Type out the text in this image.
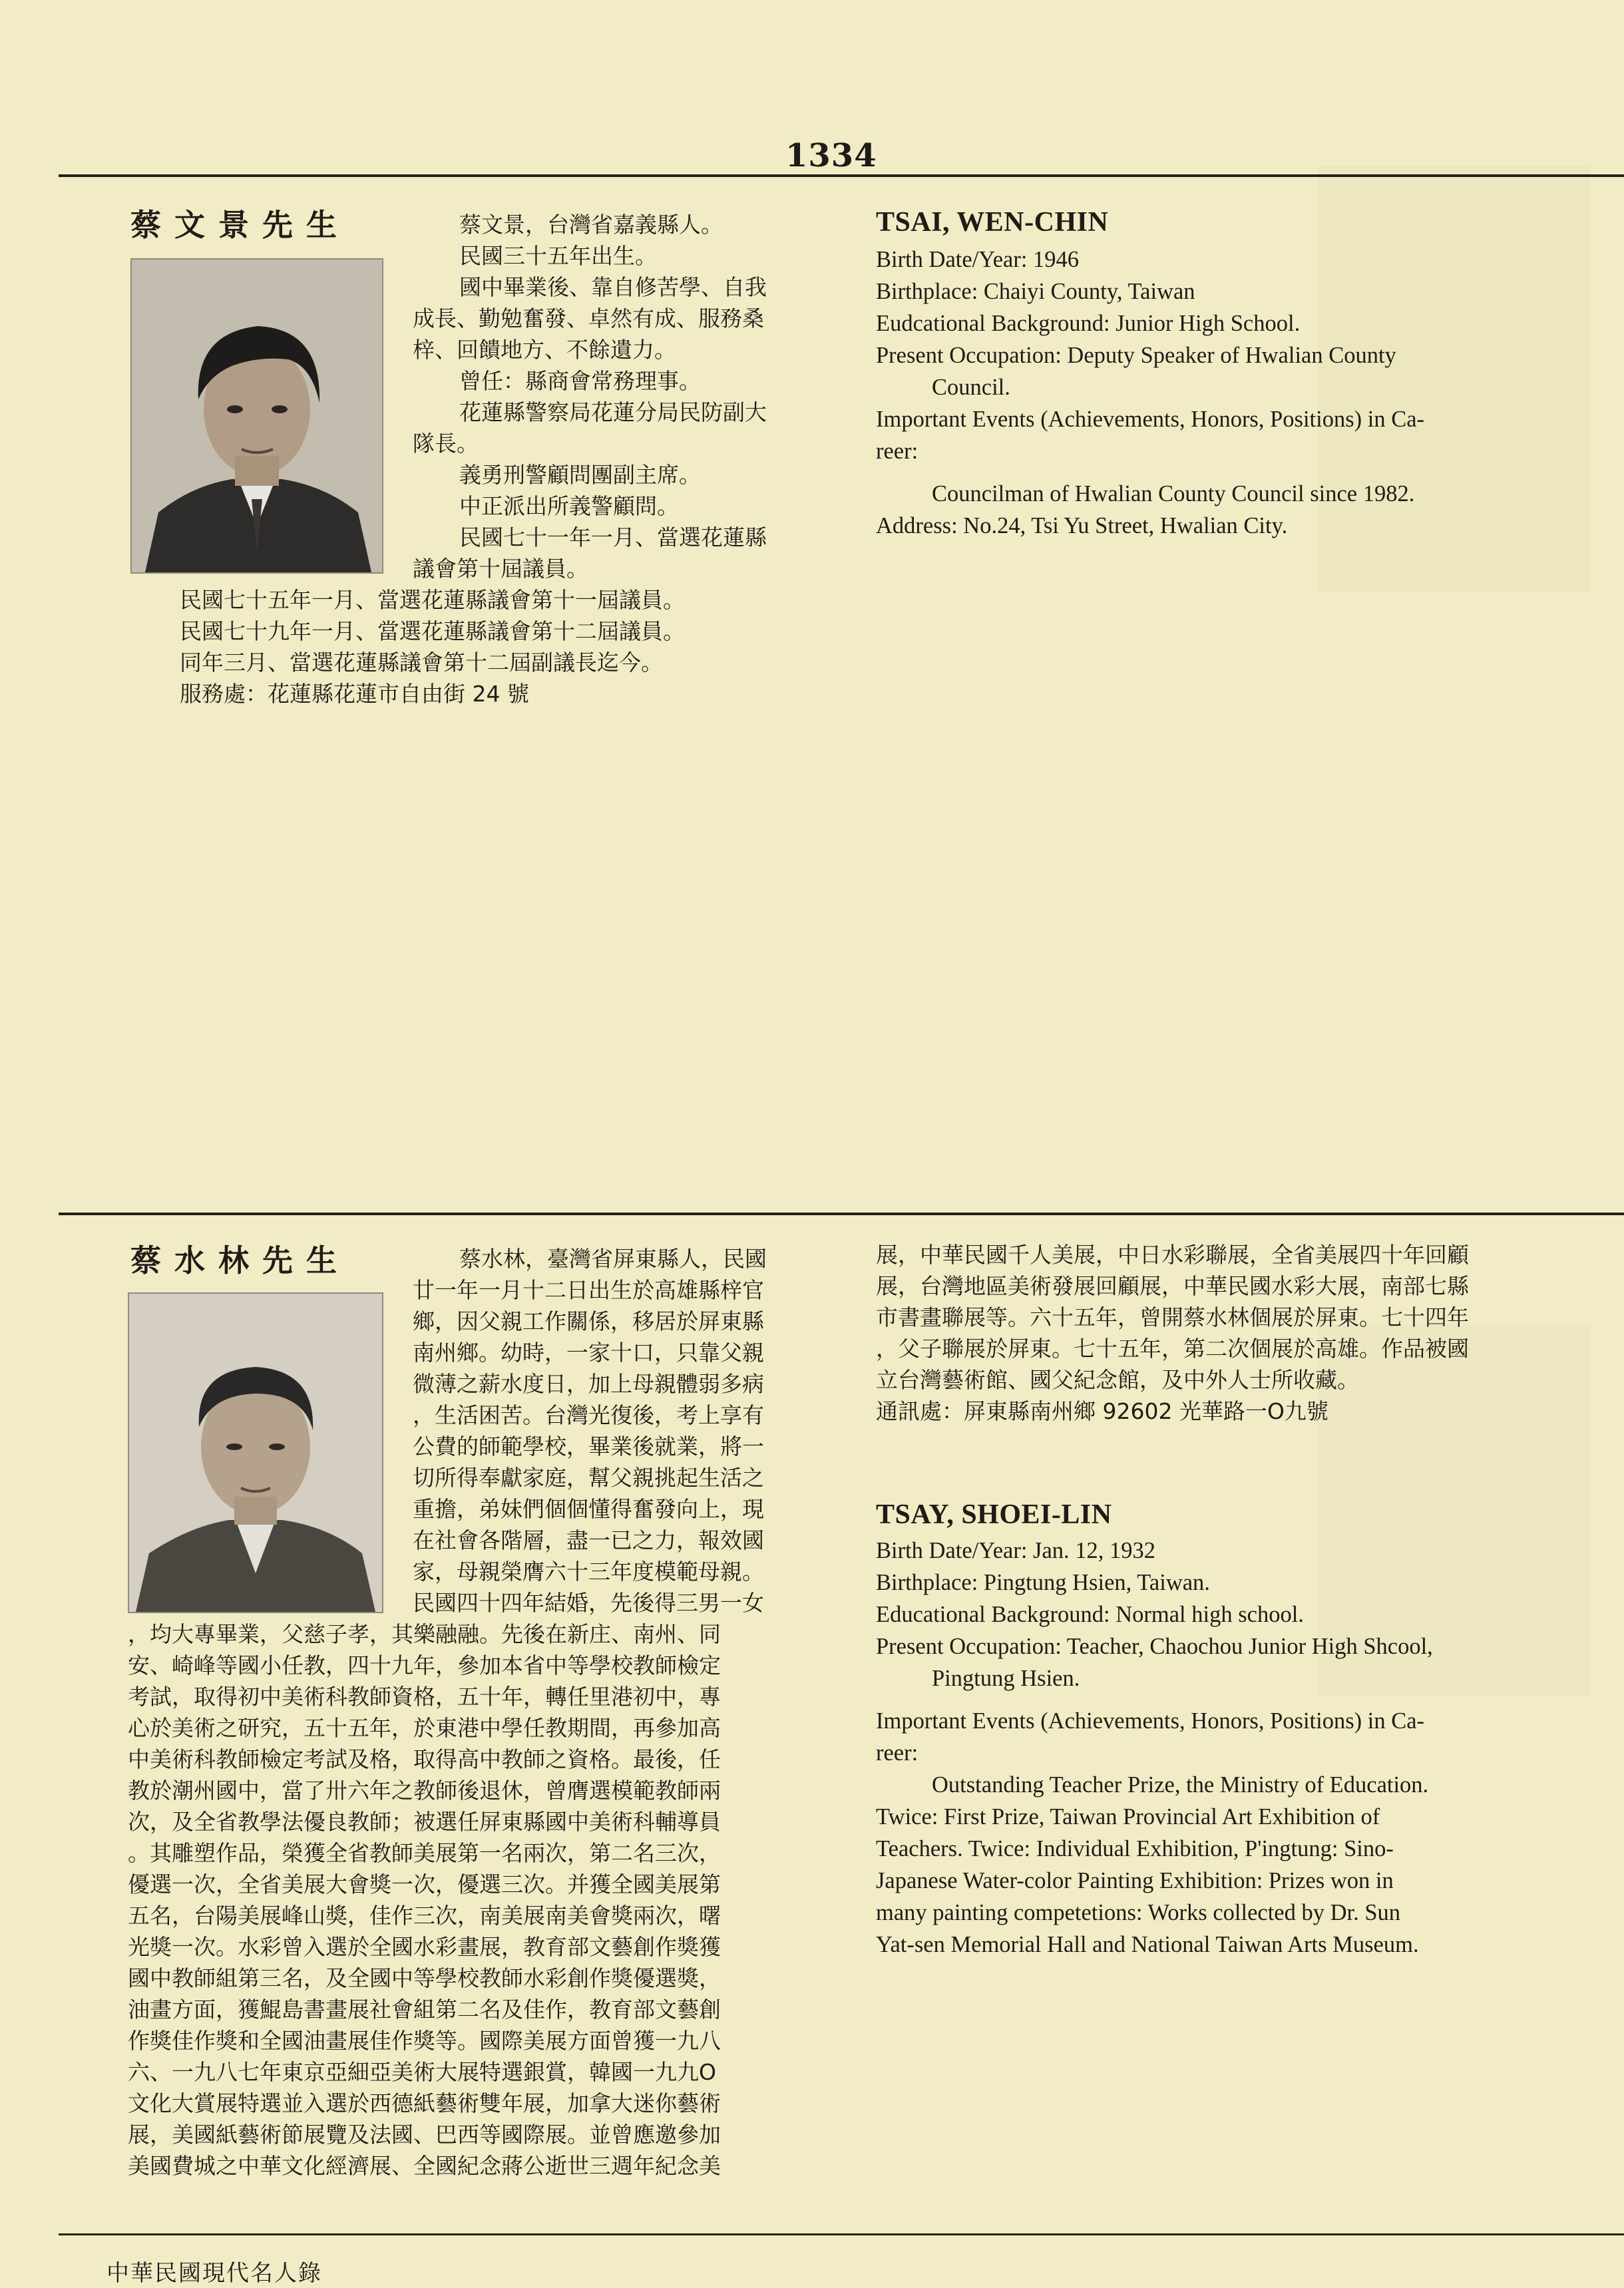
1334
蔡文景先生	蔡文景，台灣省嘉義縣人。
民國三十五年出生。
國中畢業後、靠自修苦學、自我
成長、勤勉奮發、卓然有成、服務桑
梓、回饋地方、不餘遺力。
曾任：縣商會常務理事。
花蓮縣警察局花蓮分局民防副大
隊長。
義勇刑警顧問團副主席。
中正派出所義警顧問。
民國七十一年一月、當選花蓮縣
議會第十屆議員。
民國七十五年一月、當選花蓮縣議會第十一屆議員。
民國七十九年一月、當選花蓮縣議會第十二屆議員。
同年三月、當選花蓮縣議會第十二屆副議長迄今。
服務處：花蓮縣花蓮市自由街 24 號
TSAI, WEN-CHIN
Birth Date/Year: 1946
Birthplace: Chaiyi County, Taiwan
Eudcational Background: Junior High School.
Present Occupation: Deputy Speaker of Hwalian County
Council.
Important Events (Achievements, Honors, Positions) in Ca-
reer:
Councilman of Hwalian County Council since 1982.
Address: No.24, Tsi Yu Street, Hwalian City.
蔡水林先生	蔡水林，臺灣省屏東縣人，民國
廿一年一月十二日出生於高雄縣梓官
鄉，因父親工作關係，移居於屏東縣
南州鄉。幼時，一家十口，只靠父親
微薄之薪水度日，加上母親體弱多病
，生活困苦。台灣光復後，考上享有
公費的師範學校，畢業後就業，將一
切所得奉獻家庭，幫父親挑起生活之
重擔，弟妹們個個懂得奮發向上，現
在社會各階層，盡一已之力，報效國
家，母親榮膺六十三年度模範母親。
民國四十四年結婚，先後得三男一女
，均大專畢業，父慈子孝，其樂融融。先後在新庄、南州、同
安、崎峰等國小任教，四十九年，參加本省中等學校教師檢定
考試，取得初中美術科教師資格，五十年，轉任里港初中，專
心於美術之研究，五十五年，於東港中學任教期間，再參加高
中美術科教師檢定考試及格，取得高中教師之資格。最後，任
教於潮州國中，當了卅六年之教師後退休，曾膺選模範教師兩
次，及全省教學法優良教師；被選任屏東縣國中美術科輔導員
。其雕塑作品，榮獲全省教師美展第一名兩次，第二名三次，
優選一次，全省美展大會獎一次，優選三次。并獲全國美展第
五名，台陽美展峰山獎，佳作三次，南美展南美會獎兩次，曙
光獎一次。水彩曾入選於全國水彩畫展，教育部文藝創作獎獲
國中教師組第三名，及全國中等學校教師水彩創作獎優選獎，
油畫方面，獲鯤島書畫展社會組第二名及佳作，教育部文藝創
作獎佳作獎和全國油畫展佳作獎等。國際美展方面曾獲一九八
六、一九八七年東京亞細亞美術大展特選銀賞，韓國一九九O
文化大賞展特選並入選於西德紙藝術雙年展，加拿大迷你藝術
展，美國紙藝術節展覽及法國、巴西等國際展。並曾應邀參加
美國費城之中華文化經濟展、全國紀念蔣公逝世三週年紀念美
展，中華民國千人美展，中日水彩聯展，全省美展四十年回顧
展，台灣地區美術發展回顧展，中華民國水彩大展，南部七縣
市書畫聯展等。六十五年，曾開蔡水林個展於屏東。七十四年
，父子聯展於屏東。七十五年，第二次個展於高雄。作品被國
立台灣藝術館、國父紀念館，及中外人士所收藏。
通訊處：屏東縣南州鄉 92602 光華路一O九號
TSAY, SHOEI-LIN
Birth Date/Year: Jan. 12, 1932
Birthplace: Pingtung Hsien, Taiwan.
Educational Background: Normal high school.
Present Occupation: Teacher, Chaochou Junior High Shcool,
Pingtung Hsien.
Important Events (Achievements, Honors, Positions) in Ca-
reer:
Outstanding Teacher Prize, the Ministry of Education.
Twice: First Prize, Taiwan Provincial Art Exhibition of
Teachers. Twice: Individual Exhibition, P'ingtung: Sino-
Japanese Water-color Painting Exhibition: Prizes won in
many painting competetions: Works collected by Dr. Sun
Yat-sen Memorial Hall and National Taiwan Arts Museum.
中華民國現代名人錄
